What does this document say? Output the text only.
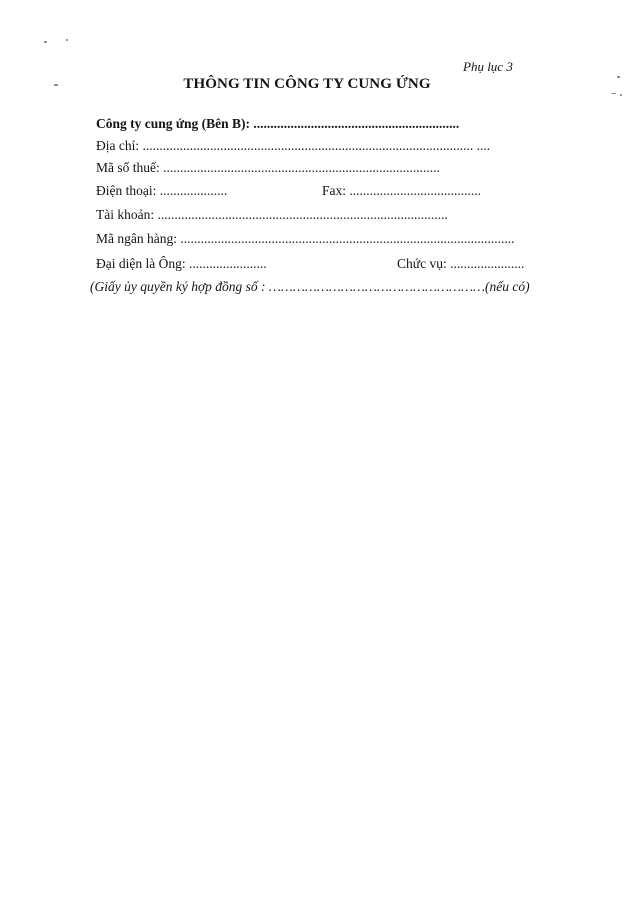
Phụ lục 3
THÔNG TIN CÔNG TY CUNG ỨNG
Công ty cung ứng (Bên B): .............................................................
Địa chỉ: .................................................................................................. ....
Mã số thuế: ..................................................................................
Điện thoại: ....................	Fax: .......................................
Tài khoản: ......................................................................................
Mã ngân hàng: ...................................................................................................
Đại diện là Ông: .......................	Chức vụ: ......................
(Giấy ủy quyền ký hợp đồng số : ………………………………………………(nếu có)
